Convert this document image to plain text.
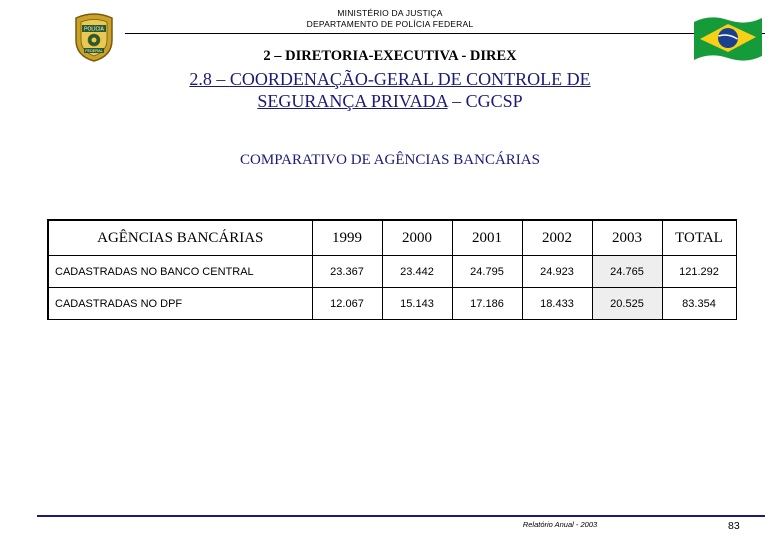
POLÍCIA
FEDERAL
MINISTÉRIO DA JUSTIÇA
DEPARTAMENTO DE POLÍCIA FEDERAL
2 – DIRETORIA-EXECUTIVA - DIREX
2.8 – COORDENAÇÃO-GERAL DE CONTROLE DE
SEGURANÇA PRIVADA – CGCSP
COMPARATIVO DE AGÊNCIAS BANCÁRIAS
AGÊNCIAS BANCÁRIAS	1999	2000	2001	2002	2003	TOTAL
CADASTRADAS NO BANCO CENTRAL	23.367	23.442	24.795	24.923	24.765	121.292
CADASTRADAS NO DPF	12.067	15.143	17.186	18.433	20.525	83.354
Relatório Anual - 2003	83
